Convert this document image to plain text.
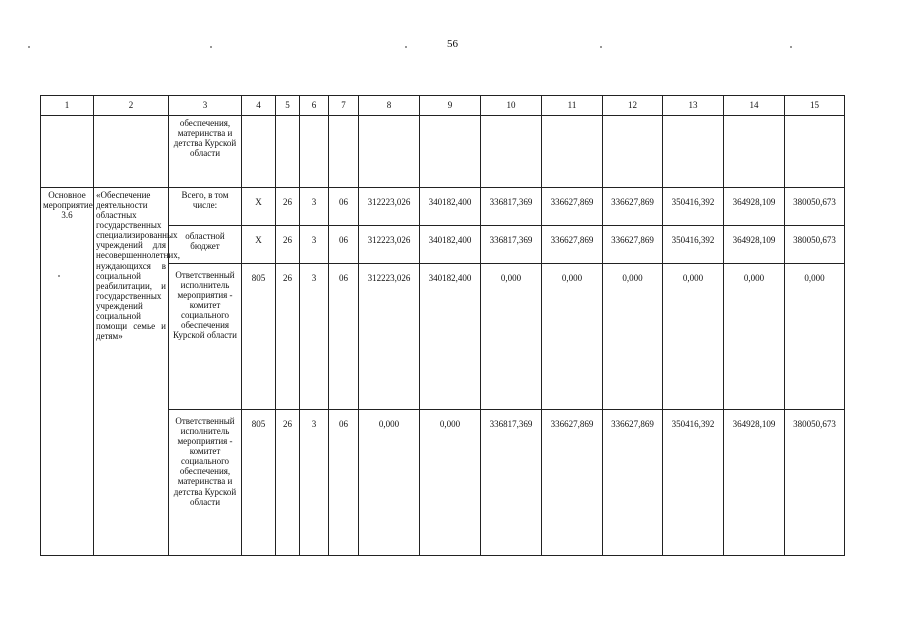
56
1	2	3	4	5	6	7	8	9	10	11	12	13	14	15
		обеспечения, материнства и детства Курской области												
Основное мероприятие 3.6	«Обеспечение деятельности областных государственных специализированных учреждений для несовершеннолетних, нуждающихся в социальной реабилитации, и государственных учреждений социальной помощи семье и детям»	Всего, в том числе:	X	26	3	06	312223,026	340182,400	336817,369	336627,869	336627,869	350416,392	364928,109	380050,673
		областной бюджет	X	26	3	06	312223,026	340182,400	336817,369	336627,869	336627,869	350416,392	364928,109	380050,673
		Ответственный исполнитель мероприятия - комитет социального обеспечения Курской области	805	26	3	06	312223,026	340182,400	0,000	0,000	0,000	0,000	0,000	0,000
		Ответственный исполнитель мероприятия - комитет социального обеспечения, материнства и детства Курской области	805	26	3	06	0,000	0,000	336817,369	336627,869	336627,869	350416,392	364928,109	380050,673
